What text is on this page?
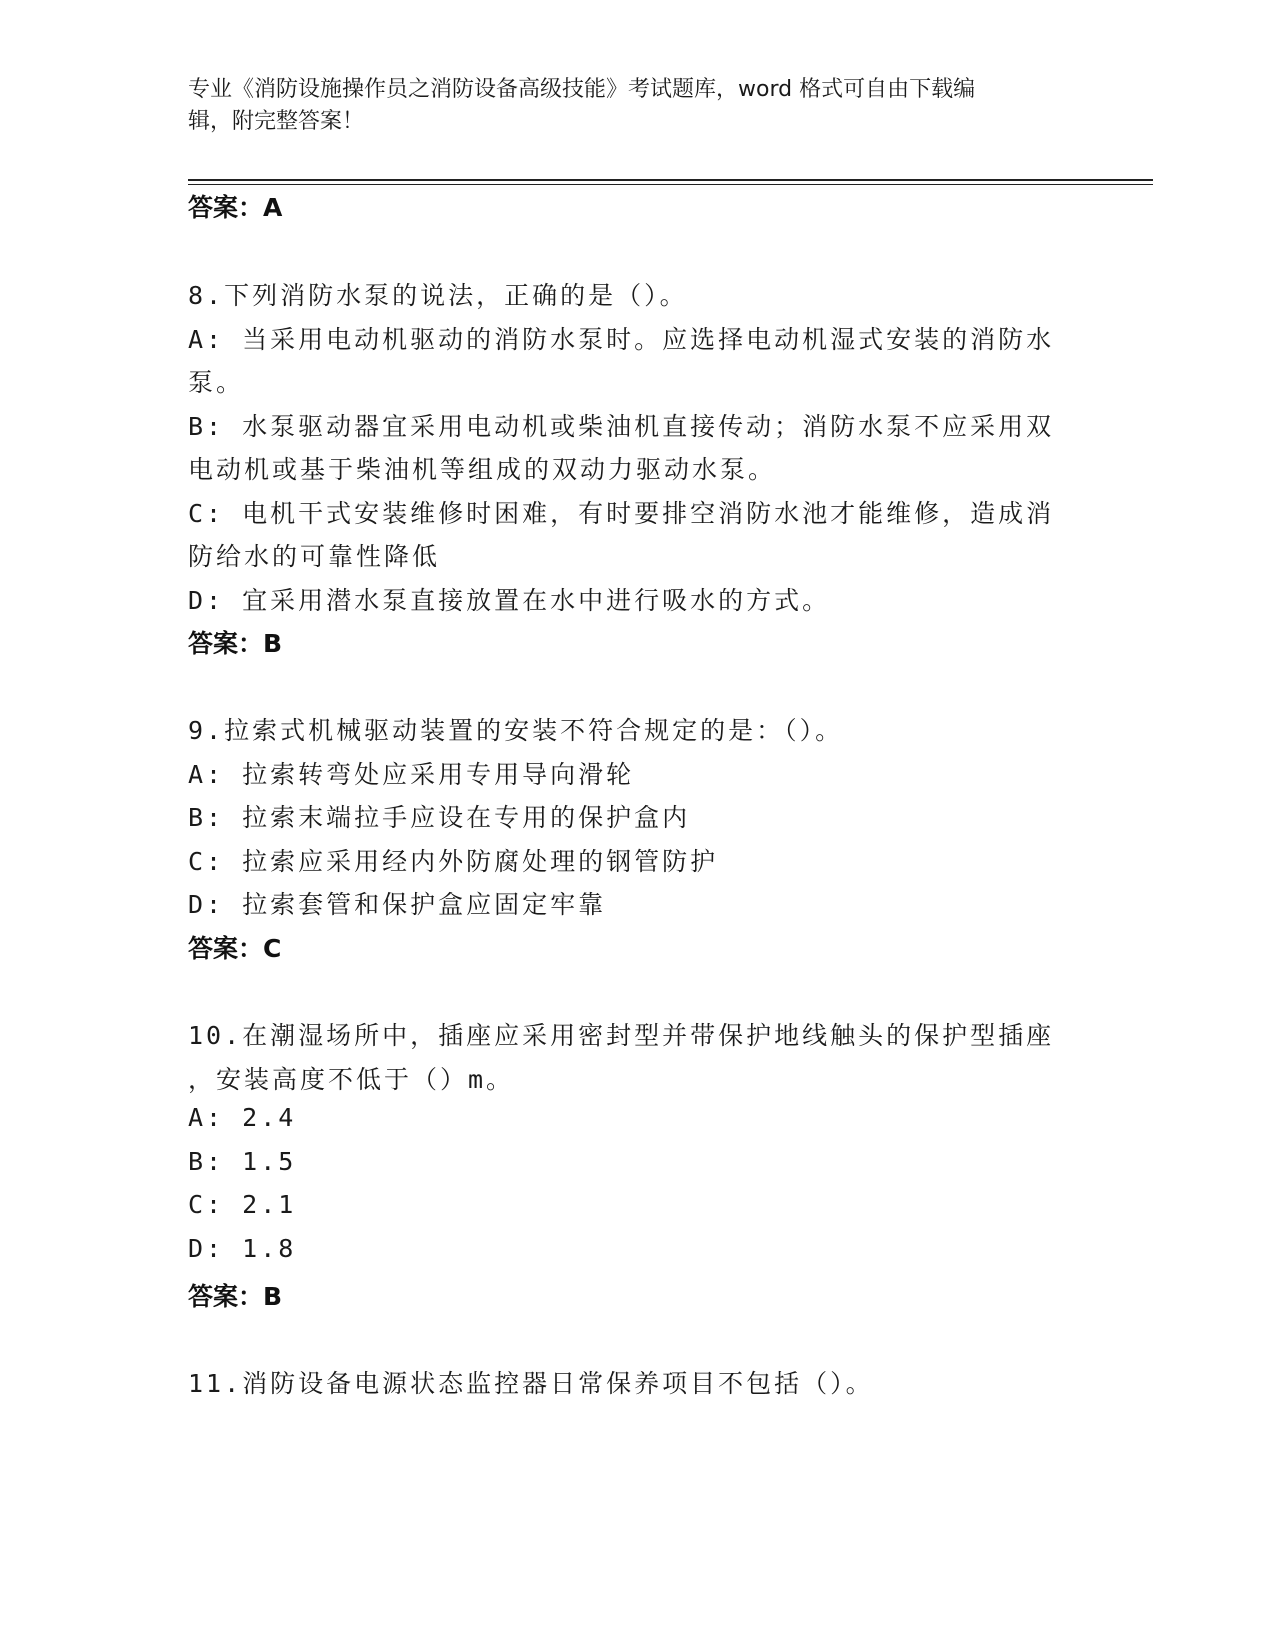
专业《消防设施操作员之消防设备高级技能》考试题库，word 格式可自由下载编
辑，附完整答案！
答案：A
8.下列消防水泵的说法，正确的是（）。
A: 当采用电动机驱动的消防水泵时。应选择电动机湿式安装的消防水
泵。
B: 水泵驱动器宜采用电动机或柴油机直接传动；消防水泵不应采用双
电动机或基于柴油机等组成的双动力驱动水泵。
C: 电机干式安装维修时困难，有时要排空消防水池才能维修，造成消
防给水的可靠性降低
D: 宜采用潜水泵直接放置在水中进行吸水的方式。
答案：B
9.拉索式机械驱动装置的安装不符合规定的是：（）。
A: 拉索转弯处应采用专用导向滑轮
B: 拉索末端拉手应设在专用的保护盒内
C: 拉索应采用经内外防腐处理的钢管防护
D: 拉索套管和保护盒应固定牢靠
答案：C
10.在潮湿场所中，插座应采用密封型并带保护地线触头的保护型插座
，安装高度不低于（）m。
A: 2.4
B: 1.5
C: 2.1
D: 1.8
答案：B
11.消防设备电源状态监控器日常保养项目不包括（）。
